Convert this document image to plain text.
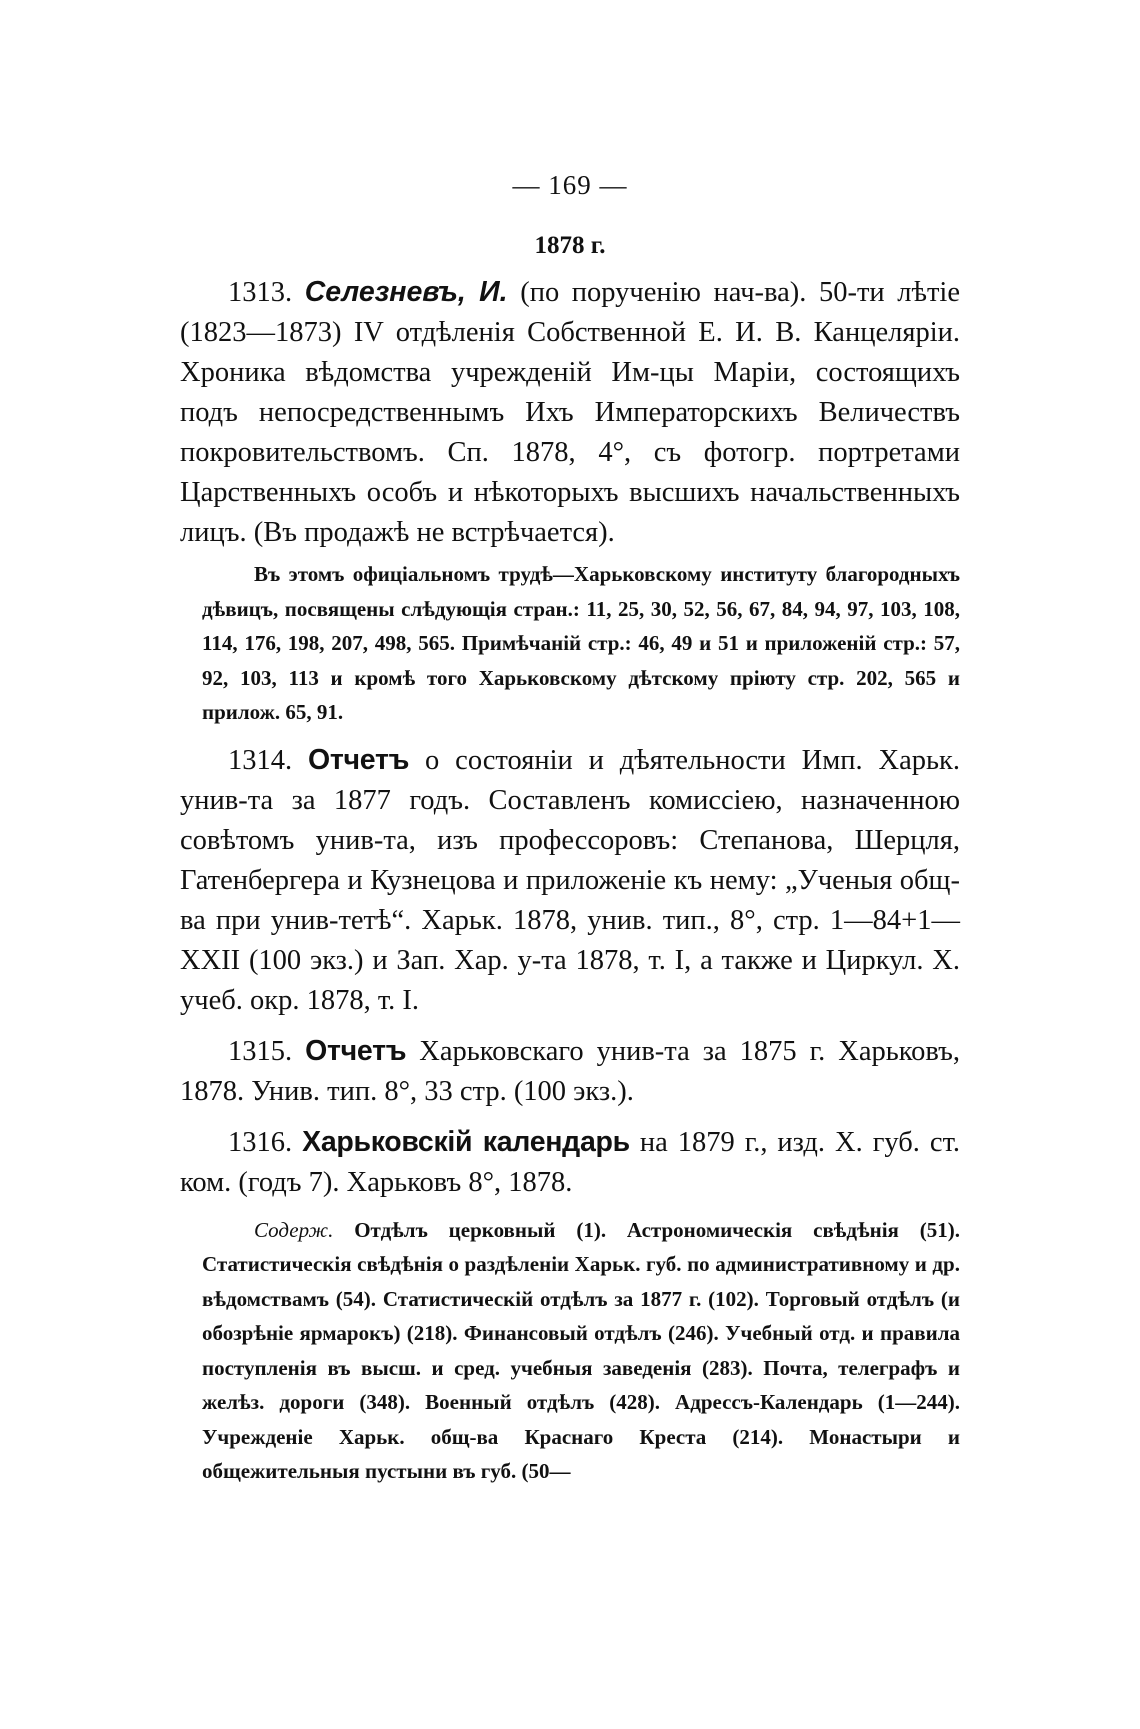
— 169 —
1878 г.

1313. Селезневъ, И. (по порученію нач-ва). 50-ти лѣтіе (1823—1873) IV отдѣленія Собственной Е. И. В. Канцеляріи. Хроника вѣдомства учрежденій Им-цы Маріи, состоящихъ подъ непосредственнымъ Ихъ Императорскихъ Величествъ покровительствомъ. Сп. 1878, 4°, съ фотогр. портретами Царственныхъ особъ и нѣкоторыхъ высшихъ начальственныхъ лицъ. (Въ продажѣ не встрѣчается).

Въ этомъ офиціальномъ трудѣ—Харьковскому институту благородныхъ дѣвицъ, посвящены слѣдующія стран.: 11, 25, 30, 52, 56, 67, 84, 94, 97, 103, 108, 114, 176, 198, 207, 498, 565. Примѣчаній стр.: 46, 49 и 51 и приложеній стр.: 57, 92, 103, 113 и кромѣ того Харьковскому дѣтскому пріюту стр. 202, 565 и прилож. 65, 91.

1314. Отчетъ о состояніи и дѣятельности Имп. Харьк. унив-та за 1877 годъ. Составленъ комиссіею, назначенною совѣтомъ унив-та, изъ профессоровъ: Степанова, Шерцля, Гатенбергера и Кузнецова и приложеніе къ нему: „Ученыя общ-ва при унив-тетѣ“. Харьк. 1878, унив. тип., 8°, стр. 1—84+1—XXII (100 экз.) и Зап. Хар. у-та 1878, т. I, а также и Циркул. Х. учеб. окр. 1878, т. I.

1315. Отчетъ Харьковскаго унив-та за 1875 г. Харьковъ, 1878. Унив. тип. 8°, 33 стр. (100 экз.).

1316. Харьковскій календарь на 1879 г., изд. Х. губ. ст. ком. (годъ 7). Харьковъ 8°, 1878.

Содерж. Отдѣлъ церковный (1). Астрономическія свѣдѣнія (51). Статистическія свѣдѣнія о раздѣленіи Харьк. губ. по административному и др. вѣдомствамъ (54). Статистическій отдѣлъ за 1877 г. (102). Торговый отдѣлъ (и обозрѣніе ярмарокъ) (218). Финансовый отдѣлъ (246). Учебный отд. и правила поступленія въ высш. и сред. учебныя заведенія (283). Почта, телеграфъ и желѣз. дороги (348). Военный отдѣлъ (428). Адрессъ-Календарь (1—244). Учрежденіе Харьк. общ-ва Краснаго Креста (214). Монастыри и общежительныя пустыни въ губ. (50—
